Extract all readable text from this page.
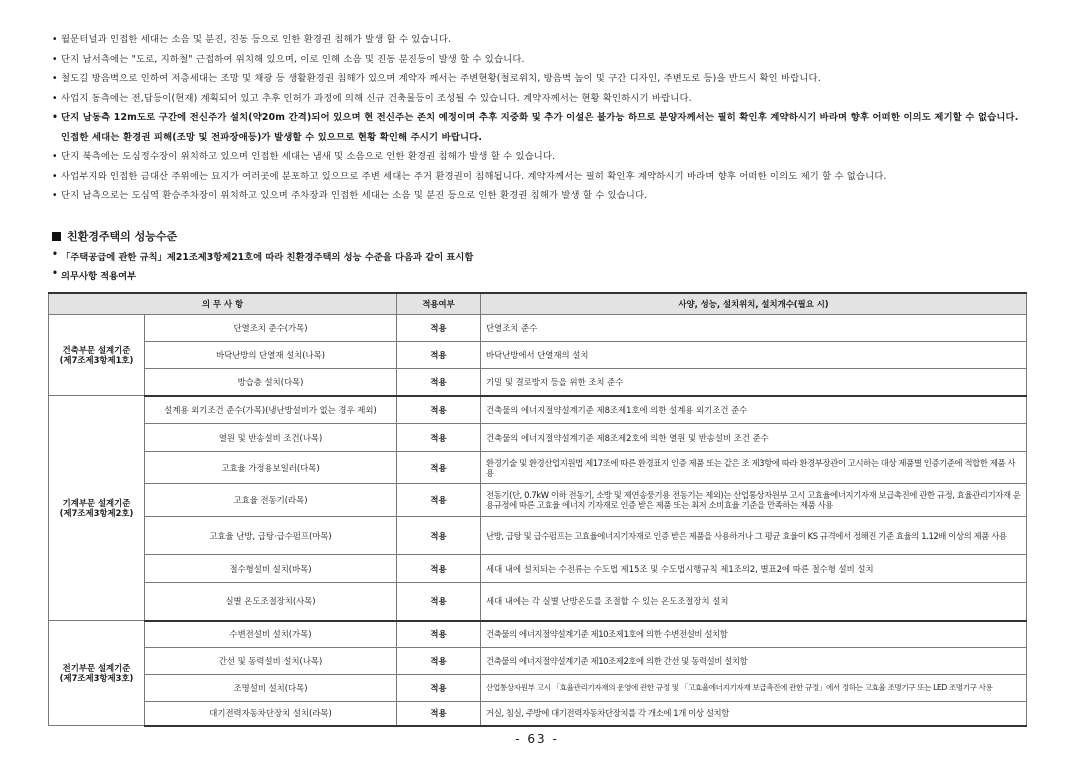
• 월문터널과 인접한 세대는 소음 및 분진, 진동 등으로 인한 환경권 침해가 발생 할 수 있습니다.
• 단지 남서측에는 "도로, 지하철" 근접하여 위치해 있으며, 이로 인해 소음 및 진동 분진등이 발생 할 수 있습니다.
• 철도길 방음벽으로 인하여 저층세대는 조망 및 채광 등 생활환경권 침해가 있으며 계약자 께서는 주변현황(철로위치, 방음벽 높이 및 구간 디자인, 주변도로 등)을 반드시 확인 바랍니다.
• 사업지 동측에는 전,답등이(현재) 계획되어 있고 추후 인허가 과정에 의해 신규 건축물등이 조성될 수 있습니다. 계약자께서는 현황 확인하시기 바랍니다.
• 단지 남동측 12m도로 구간에 전신주가 설치(약20m 간격)되어 있으며 현 전신주는 존치 예정이며 추후 지중화 및 추가 이설은 불가능 하므로 분양자께서는 필히 확인후 계약하시기 바라며 향후 어떠한 이의도 제기할 수 없습니다. 인접한 세대는 환경권 피해(조망 및 전파장애등)가 발생할 수 있으므로 현황 확인해 주시기 바랍니다.
• 단지 북측에는 도심정수장이 위치하고 있으며 인접한 세대는 냄새 및 소음으로 인한 환경권 침해가 발생 할 수 있습니다.
• 사업부지와 인접한 금대산 주위에는 묘지가 여러곳에 분포하고 있으므로 주변 세대는 주거 환경권이 침해됩니다. 계약자께서는 필히 확인후 계약하시기 바라며 향후 어떠한 이의도 제기 할 수 없습니다.
• 단지 남측으로는 도심역 환승주차장이 위치하고 있으며 주차장과 인접한 세대는 소음 및 분진 등으로 인한 환경권 침해가 발생 할 수 있습니다.
친환경주택의 성능수준
• 「주택공급에 관한 규칙」제21조제3항제21호에 따라 친환경주택의 성능 수준을 다음과 같이 표시함
• 의무사항 적용여부
의 무 사 항		적용여부	사양, 성능, 설치위치, 설치개수(필요 시)
건축부문 설계기준
(제7조제3항제1호)	단열조치 준수(가목)	적용	단열조치 준수
	바닥난방의 단열재 설치(나목)	적용	바닥난방에서 단열재의 설치
	방습층 설치(다목)	적용	기밀 및 결로방지 등을 위한 조치 준수
기계부문 설계기준
(제7조제3항제2호)	설계용 외기조건 준수(가목)(냉난방설비가 없는 경우 제외)	적용	건축물의 에너지절약설계기준 제8조제1호에 의한 설계용 외기조건 준수
	열원 및 반송설비 조건(나목)	적용	건축물의 에너지절약설계기준 제8조제2호에 의한 열원 및 반송설비 조건 준수
	고효율 가정용보일러(다목)	적용	환경기술 및 환경산업지원법 제17조에 따른 환경표지 인증 제품 또는 같은 조 제3항에 따라 환경부장관이 고시하는 대상 제품별 인증기준에 적합한 제품 사용
	고효율 전동기(라목)	적용	전동기(단, 0.7kW 이하 전동기, 소방 및 제연송풍기용 전동기는 제외)는 산업통상자원부 고시 고효율에너지기자재 보급촉진에 관한 규정, 효율관리기자재 운용규정에 따른 고효율 에너지 기자재로 인증 받은 제품 또는 최저 소비효율 기준을 만족하는 제품 사용
	고효율 난방, 급탕·급수펌프(마목)	적용	난방, 급탕 및 급수펌프는 고효율에너지기자재로 인증 받은 제품을 사용하거나 그 평균 효율이 KS 규격에서 정해진 기준 효율의 1.12배 이상의 제품 사용
	절수형설비 설치(바목)	적용	세대 내에 설치되는 수전류는 수도법 제15조 및 수도법시행규칙 제1조의2, 별표2에 따른 절수형 설비 설치
	실별 온도조절장치(사목)	적용	세대 내에는 각 실별 난방온도를 조절할 수 있는 온도조절장치 설치
전기부문 설계기준
(제7조제3항제3호)	수변전설비 설치(가목)	적용	건축물의 에너지절약설계기준 제10조제1호에 의한 수변전설비 설치함
	간선 및 동력설비 설치(나목)	적용	건축물의 에너지절약설계기준 제10조제2호에 의한 간선 및 동력설비 설치함
	조명설비 설치(다목)	적용	산업통상자원부 고시 「효율관리기자재의 운영에 관한 규정 및 「고효율에너지기자재 보급촉진에 관한 규정」에서 정하는 고효율 조명기구 또는 LED 조명기구 사용
	대기전력자동차단장치 설치(라목)	적용	거실, 침실, 주방에 대기전력자동차단장치를 각 개소에 1개 이상 설치함
- 63 -
